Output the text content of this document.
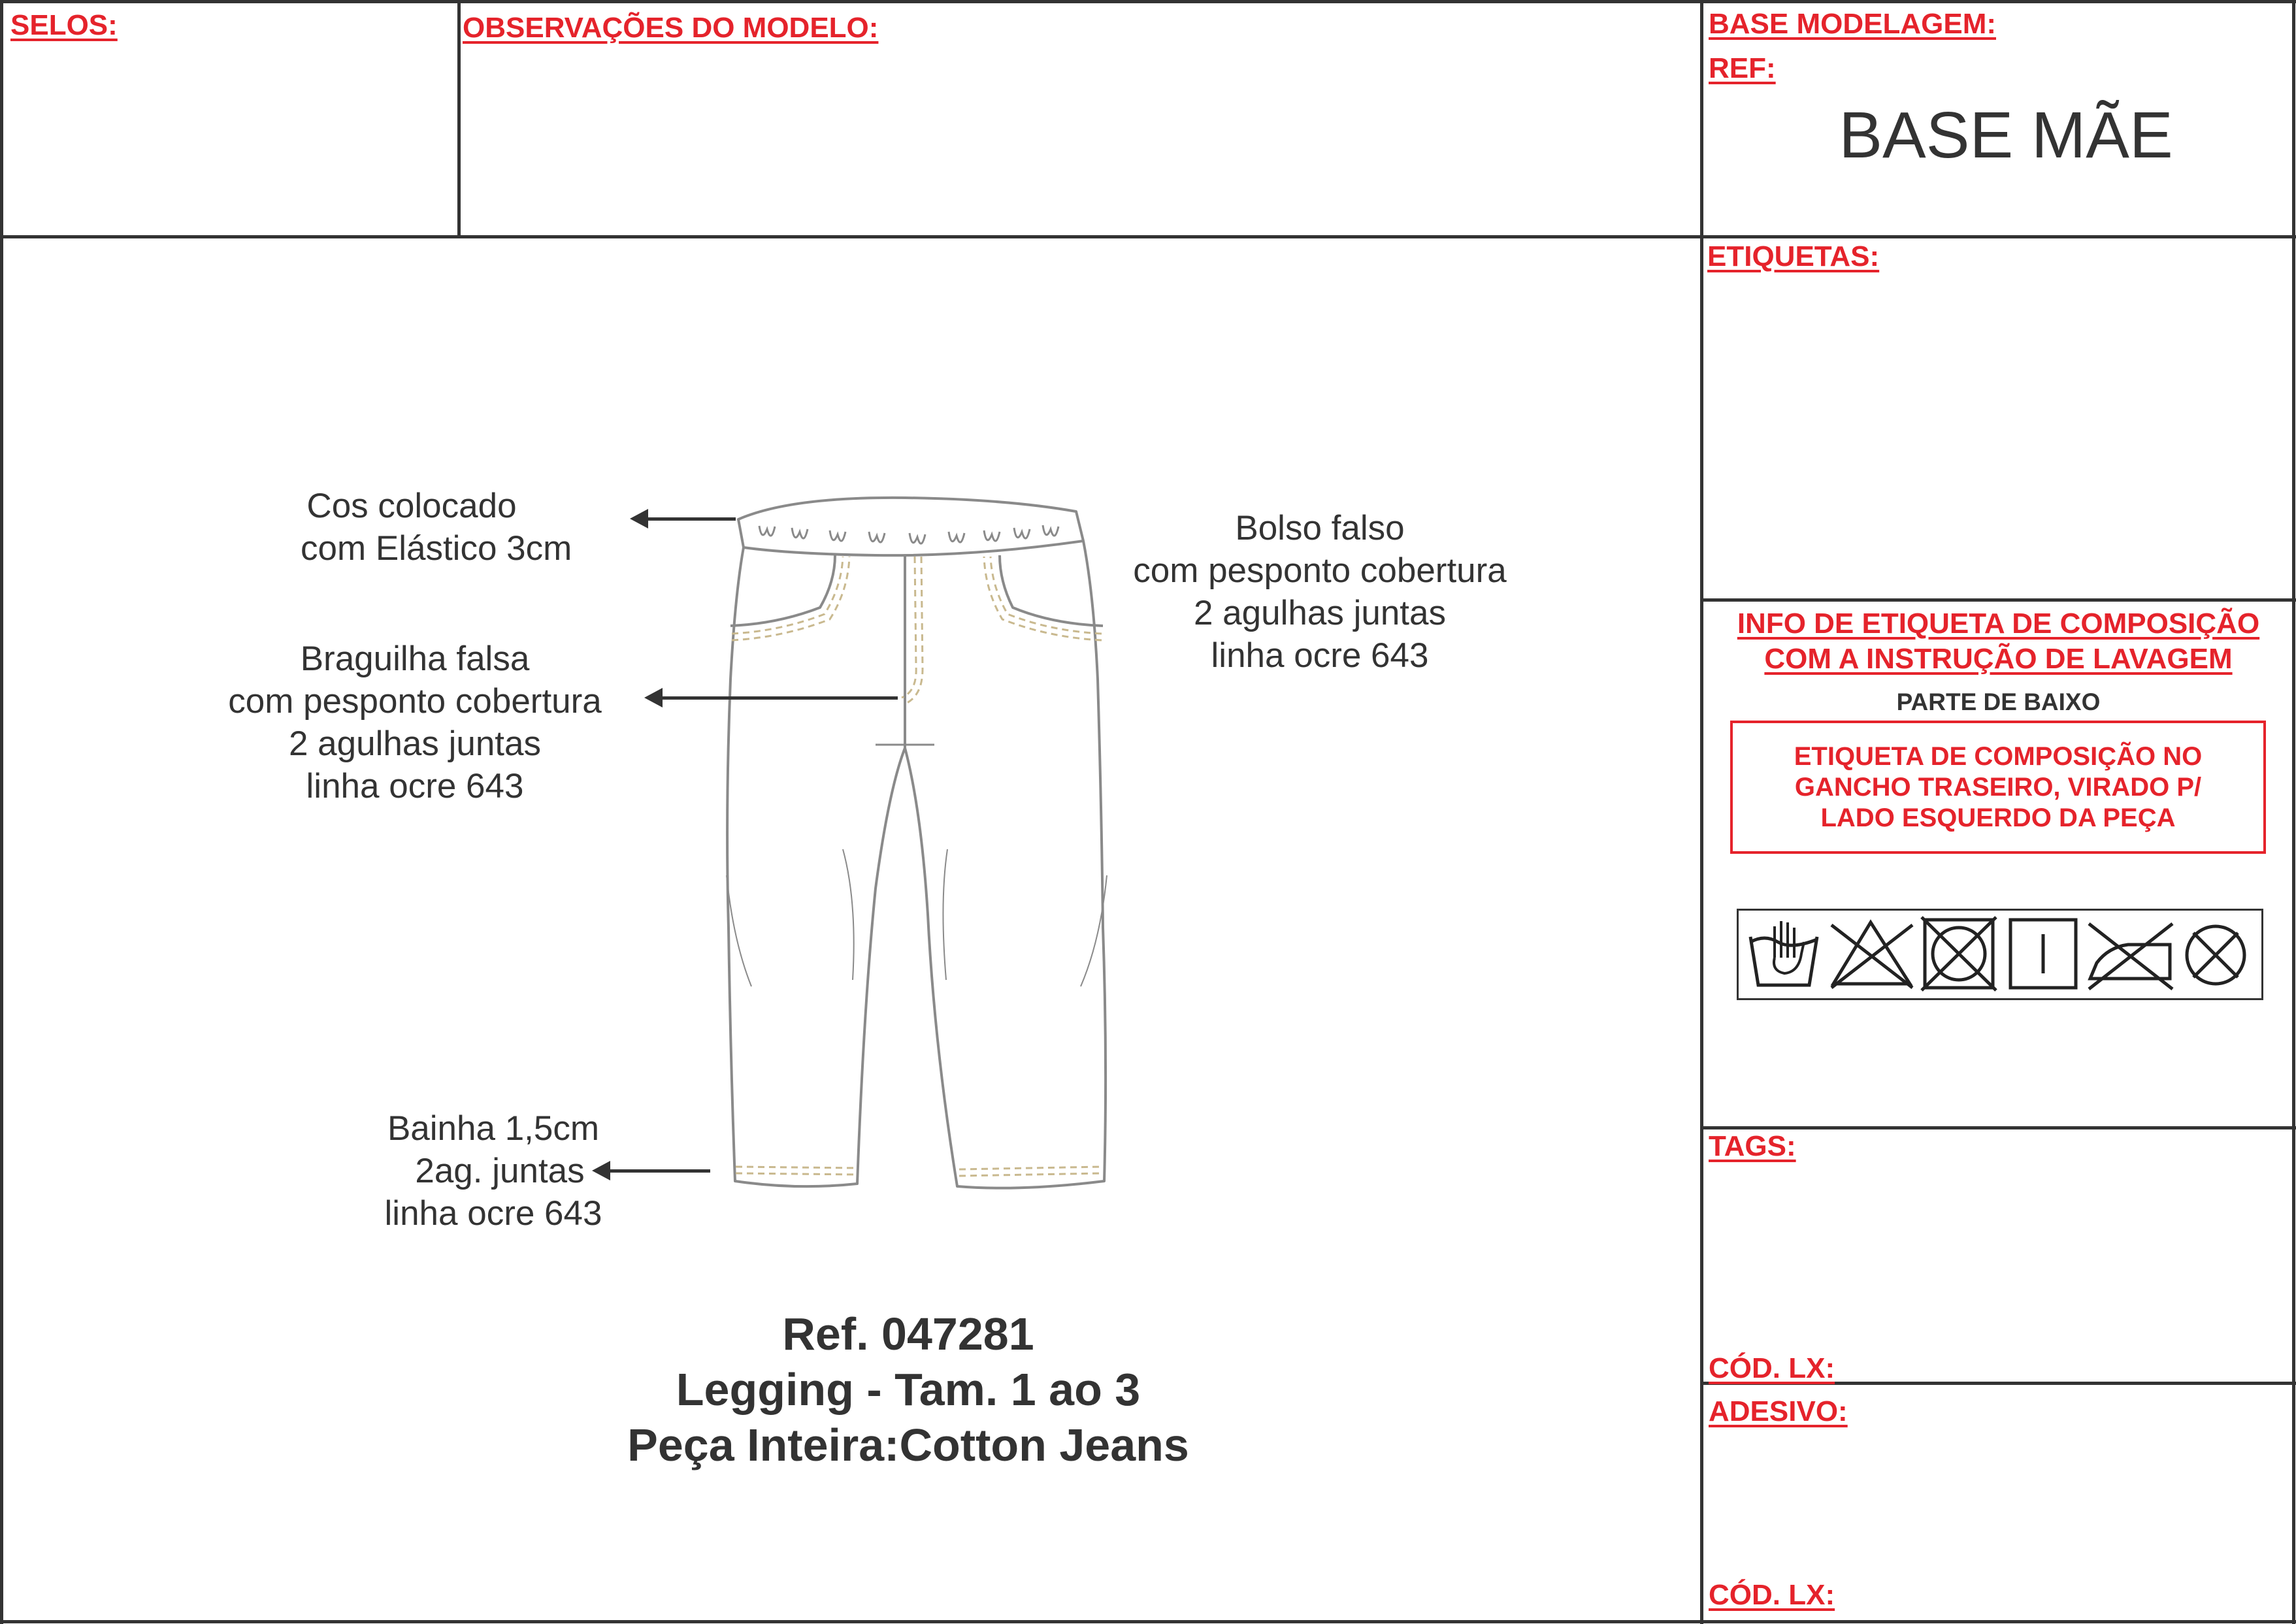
SELOS:	OBSERVAÇÕES DO MODELO:	BASE MODELAGEM:
REF:
BASE MÃE
ETIQUETAS:
INFO DE ETIQUETA DE COMPOSIÇÃO
COM A INSTRUÇÃO DE LAVAGEM
PARTE DE BAIXO
ETIQUETA DE COMPOSIÇÃO NO
GANCHO TRASEIRO, VIRADO P/
LADO ESQUERDO DA PEÇA
TAGS:
CÓD. LX:
ADESIVO:
CÓD. LX:
Cos colocado
com Elástico 3cm
Braguilha falsa
com pesponto cobertura
2 agulhas juntas
linha ocre 643
Bolso falso
com pesponto cobertura
2 agulhas juntas
linha ocre 643
Bainha 1,5cm
2ag. juntas
linha ocre 643
Ref. 047281
Legging - Tam. 1 ao 3
Peça Inteira:Cotton Jeans
